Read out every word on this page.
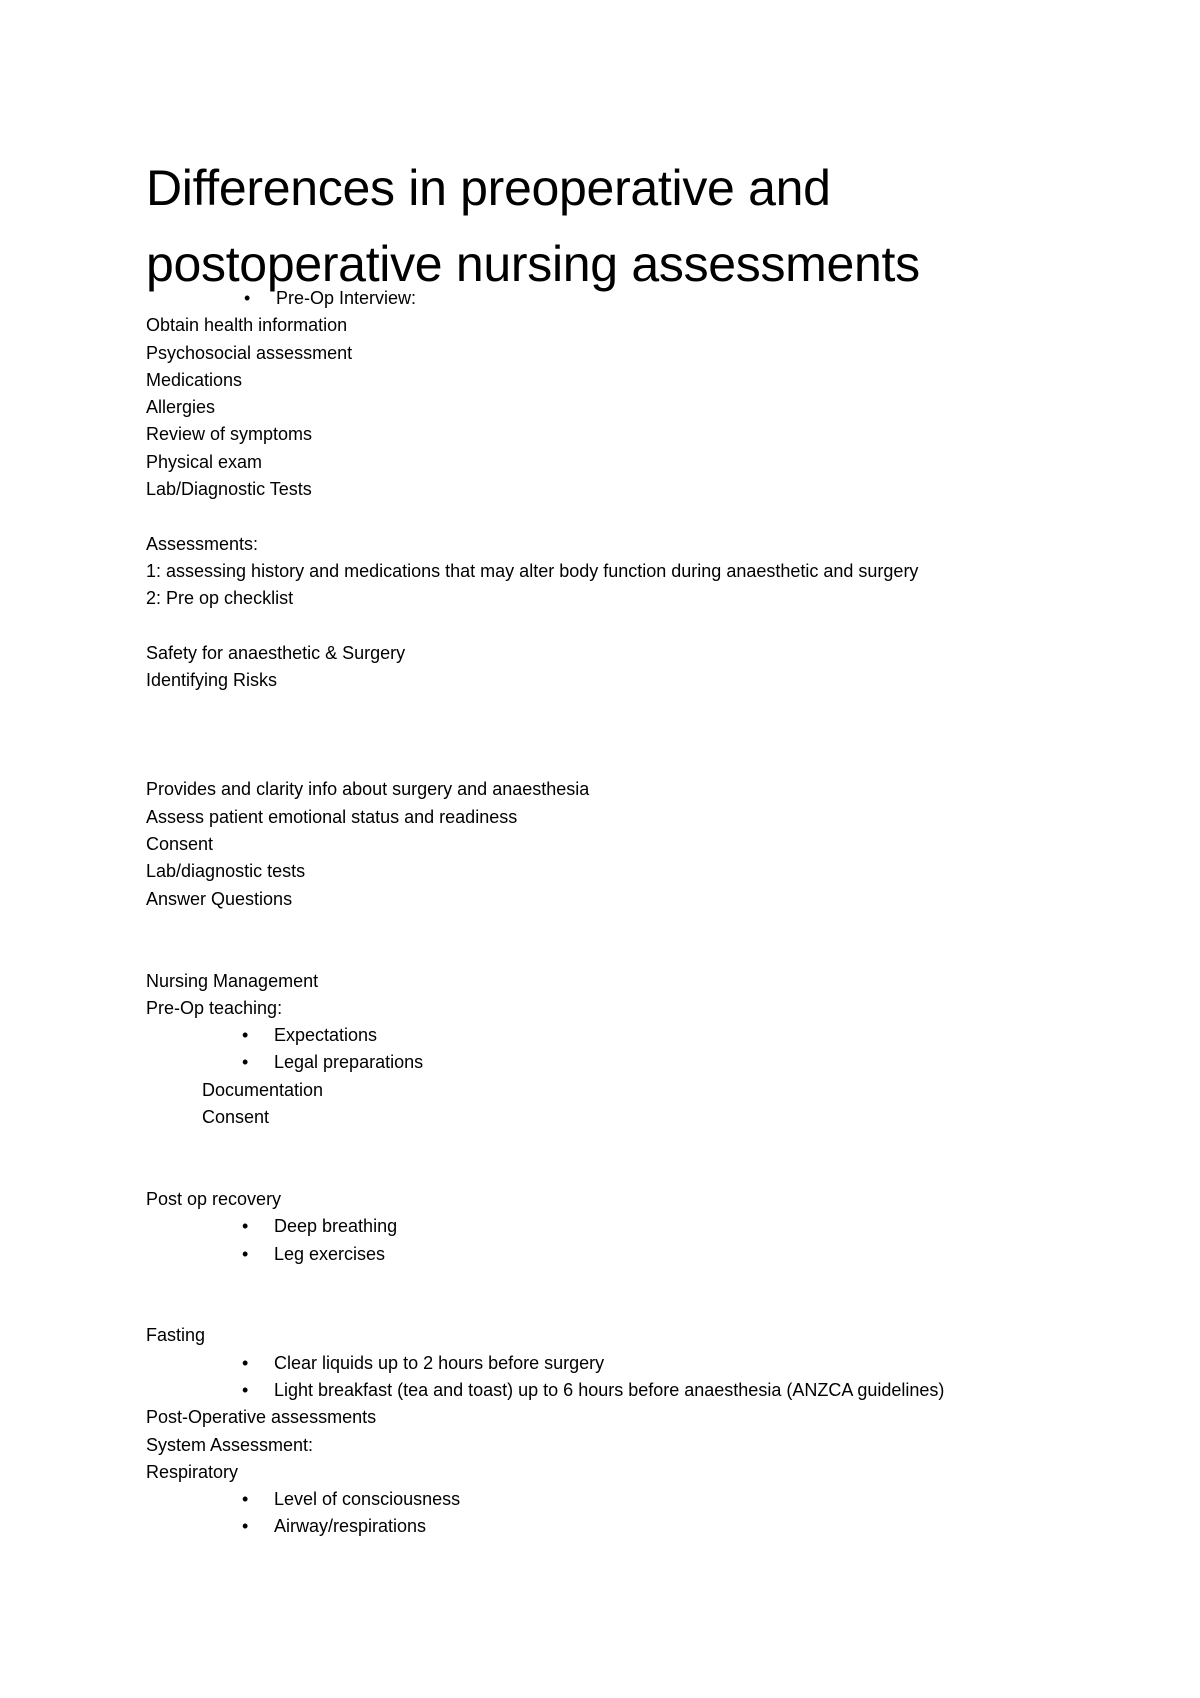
Differences in preoperative and
postoperative nursing assessments
• Pre-Op Interview:
Obtain health information
Psychosocial assessment
Medications
Allergies
Review of symptoms
Physical exam
Lab/Diagnostic Tests
Assessments:
1: assessing history and medications that may alter body function during anaesthetic and surgery
2: Pre op checklist
Safety for anaesthetic & Surgery
Identifying Risks
Provides and clarity info about surgery and anaesthesia
Assess patient emotional status and readiness
Consent
Lab/diagnostic tests
Answer Questions
Nursing Management
Pre-Op teaching:
• Expectations
• Legal preparations
Documentation
Consent
Post op recovery
• Deep breathing
• Leg exercises
Fasting
• Clear liquids up to 2 hours before surgery
• Light breakfast (tea and toast) up to 6 hours before anaesthesia (ANZCA guidelines)
Post-Operative assessments
System Assessment:
Respiratory
• Level of consciousness
• Airway/respirations
